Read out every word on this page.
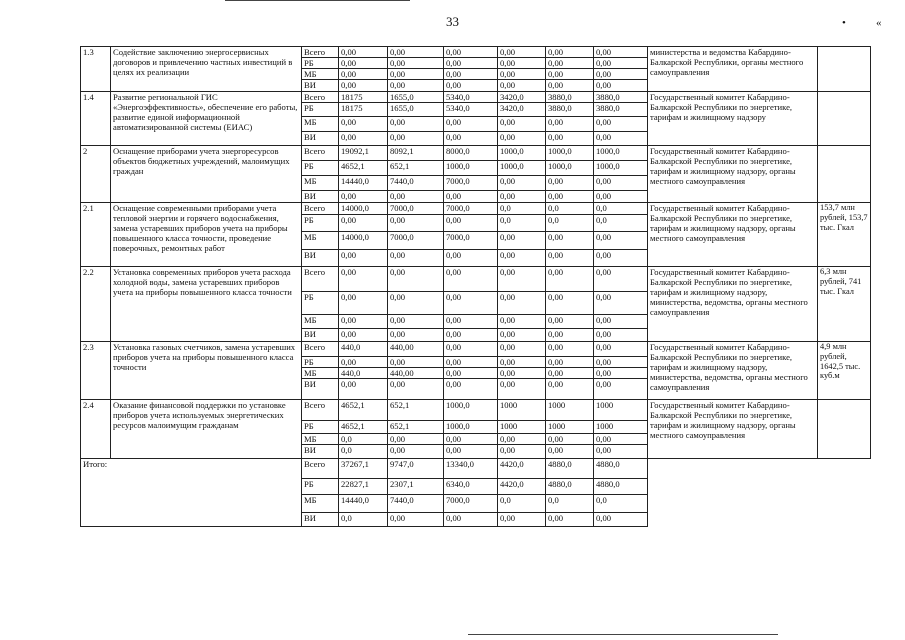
33	•	«
1.3	Содействие заключению энергосервисных договоров и привлечению частных инвестиций в целях их реализации	Всего	0,00	0,00	0,00	0,00	0,00	0,00	министерства и ведомства Кабардино-Балкарской Республики, органы местного самоуправления	
		РБ	0,00	0,00	0,00	0,00	0,00	0,00		
		МБ	0,00	0,00	0,00	0,00	0,00	0,00		
		ВИ	0,00	0,00	0,00	0,00	0,00	0,00		
1.4	Развитие региональной ГИС «Энергоэффективность», обеспечение его работы, развитие единой информационной автоматизированной системы (ЕИАС)	Всего	18175	1655,0	5340,0	3420,0	3880,0	3880,0	Государственный комитет Кабардино-Балкарской Республики по энергетике, тарифам и жилищному надзору	
		РБ	18175	1655,0	5340,0	3420,0	3880,0	3880,0		
		МБ	0,00	0,00	0,00	0,00	0,00	0,00		
		ВИ	0,00	0,00	0,00	0,00	0,00	0,00		
2	Оснащение приборами учета энергоресурсов объектов бюджетных учреждений, малоимущих граждан	Всего	19092,1	8092,1	8000,0	1000,0	1000,0	1000,0	Государственный комитет Кабардино-Балкарской Республики по энергетике, тарифам и жилищному надзору, органы местного самоуправления	
		РБ	4652,1	652,1	1000,0	1000,0	1000,0	1000,0		
		МБ	14440,0	7440,0	7000,0	0,00	0,00	0,00		
		ВИ	0,00	0,00	0,00	0,00	0,00	0,00		
2.1	Оснащение современными приборами учета тепловой энергии и горячего водоснабжения, замена устаревших приборов учета на приборы повышенного класса точности, проведение поверочных, ремонтных работ	Всего	14000,0	7000,0	7000,0	0,0	0,0	0,0	Государственный комитет Кабардино-Балкарской Республики по энергетике, тарифам и жилищному надзору, органы местного самоуправления	153,7 млн рублей, 153,7 тыс. Гкал
		РБ	0,00	0,00	0,00	0,0	0,0	0,0		
		МБ	14000,0	7000,0	7000,0	0,00	0,00	0,00		
		ВИ	0,00	0,00	0,00	0,00	0,00	0,00		
2.2	Установка современных приборов учета расхода холодной воды, замена устаревших приборов учета на приборы повышенного класса точности	Всего	0,00	0,00	0,00	0,00	0,00	0,00	Государственный комитет Кабардино-Балкарской Республики по энергетике, тарифам и жилищному надзору, министерства, ведомства, органы местного самоуправления	6,3 млн рублей, 741 тыс. Гкал
		РБ	0,00	0,00	0,00	0,00	0,00	0,00		
		МБ	0,00	0,00	0,00	0,00	0,00	0,00		
		ВИ	0,00	0,00	0,00	0,00	0,00	0,00		
2.3	Установка газовых счетчиков, замена устаревших приборов учета на приборы повышенного класса точности	Всего	440,0	440,00	0,00	0,00	0,00	0,00	Государственный комитет Кабардино-Балкарской Республики по энергетике, тарифам и жилищному надзору, министерства, ведомства, органы местного самоуправления	4,9 млн рублей, 1642,5 тыс. куб.м
		РБ	0,00	0,00	0,00	0,00	0,00	0,00		
		МБ	440,0	440,00	0,00	0,00	0,00	0,00		
		ВИ	0,00	0,00	0,00	0,00	0,00	0,00		
2.4	Оказание финансовой поддержки по установке приборов учета используемых энергетических ресурсов малоимущим гражданам	Всего	4652,1	652,1	1000,0	1000	1000	1000	Государственный комитет Кабардино-Балкарской Республики по энергетике, тарифам и жилищному надзору, органы местного самоуправления	
		РБ	4652,1	652,1	1000,0	1000	1000	1000		
		МБ	0,0	0,00	0,00	0,00	0,00	0,00		
		ВИ	0,0	0,00	0,00	0,00	0,00	0,00		
Итого:		Всего	37267,1	9747,0	13340,0	4420,0	4880,0	4880,0		
		РБ	22827,1	2307,1	6340,0	4420,0	4880,0	4880,0		
		МБ	14440,0	7440,0	7000,0	0,0	0,0	0,0		
		ВИ	0,0	0,00	0,00	0,00	0,00	0,00		
